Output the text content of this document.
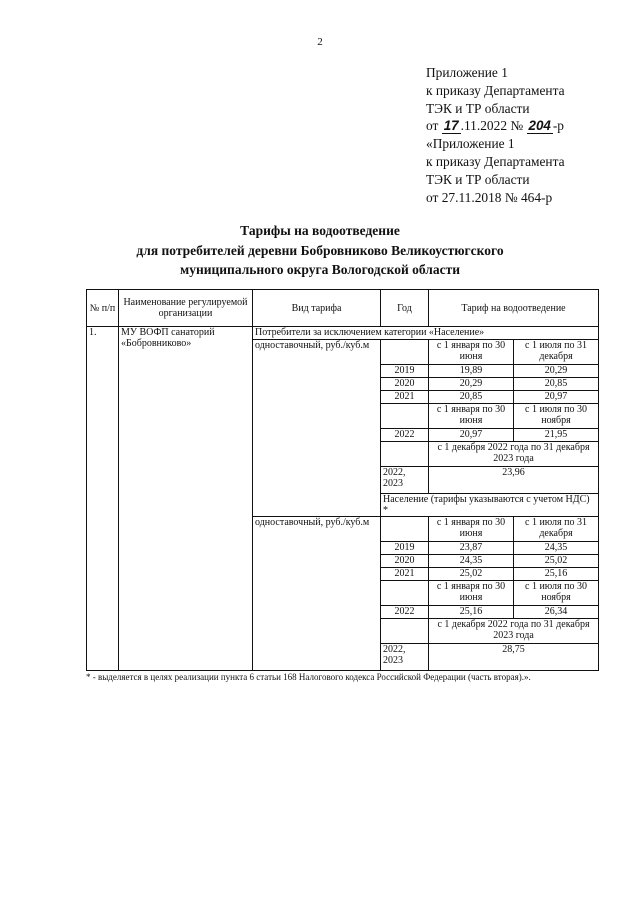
2
Приложение 1
к приказу Департамента
ТЭК и ТР области
от 17 .11.2022 № 204 -р
«Приложение 1
к приказу Департамента
ТЭК и ТР области
от 27.11.2018 № 464-р
Тарифы на водоотведение
для потребителей деревни Бобровниково Великоустюгского
муниципального округа Вологодской области
№ п/п	Наименование регулируемой организации	Вид тарифа	Год	Тариф на водоотведение	
1.	МУ ВОФП санаторий «Бобровниково»	Потребители за исключением категории «Население»			
		одноставочный, руб./куб.м		с 1 января по 30 июня	с 1 июля по 31 декабря
			2019	19,89	20,29
			2020	20,29	20,85
			2021	20,85	20,97
				с 1 января по 30 июня	с 1 июля по 30 ноября
			2022	20,97	21,95
				с 1 декабря 2022 года по 31 декабря 2023 года	
			2022, 2023	23,96	
			Население (тарифы указываются с учетом НДС) *		
		одноставочный, руб./куб.м		с 1 января по 30 июня	с 1 июля по 31 декабря
			2019	23,87	24,35
			2020	24,35	25,02
			2021	25,02	25,16
				с 1 января по 30 июня	с 1 июля по 30 ноября
			2022	25,16	26,34
				с 1 декабря 2022 года по 31 декабря 2023 года	
			2022, 2023	28,75	
* - выделяется в целях реализации пункта 6 статьи 168 Налогового кодекса Российской Федерации (часть вторая).».
